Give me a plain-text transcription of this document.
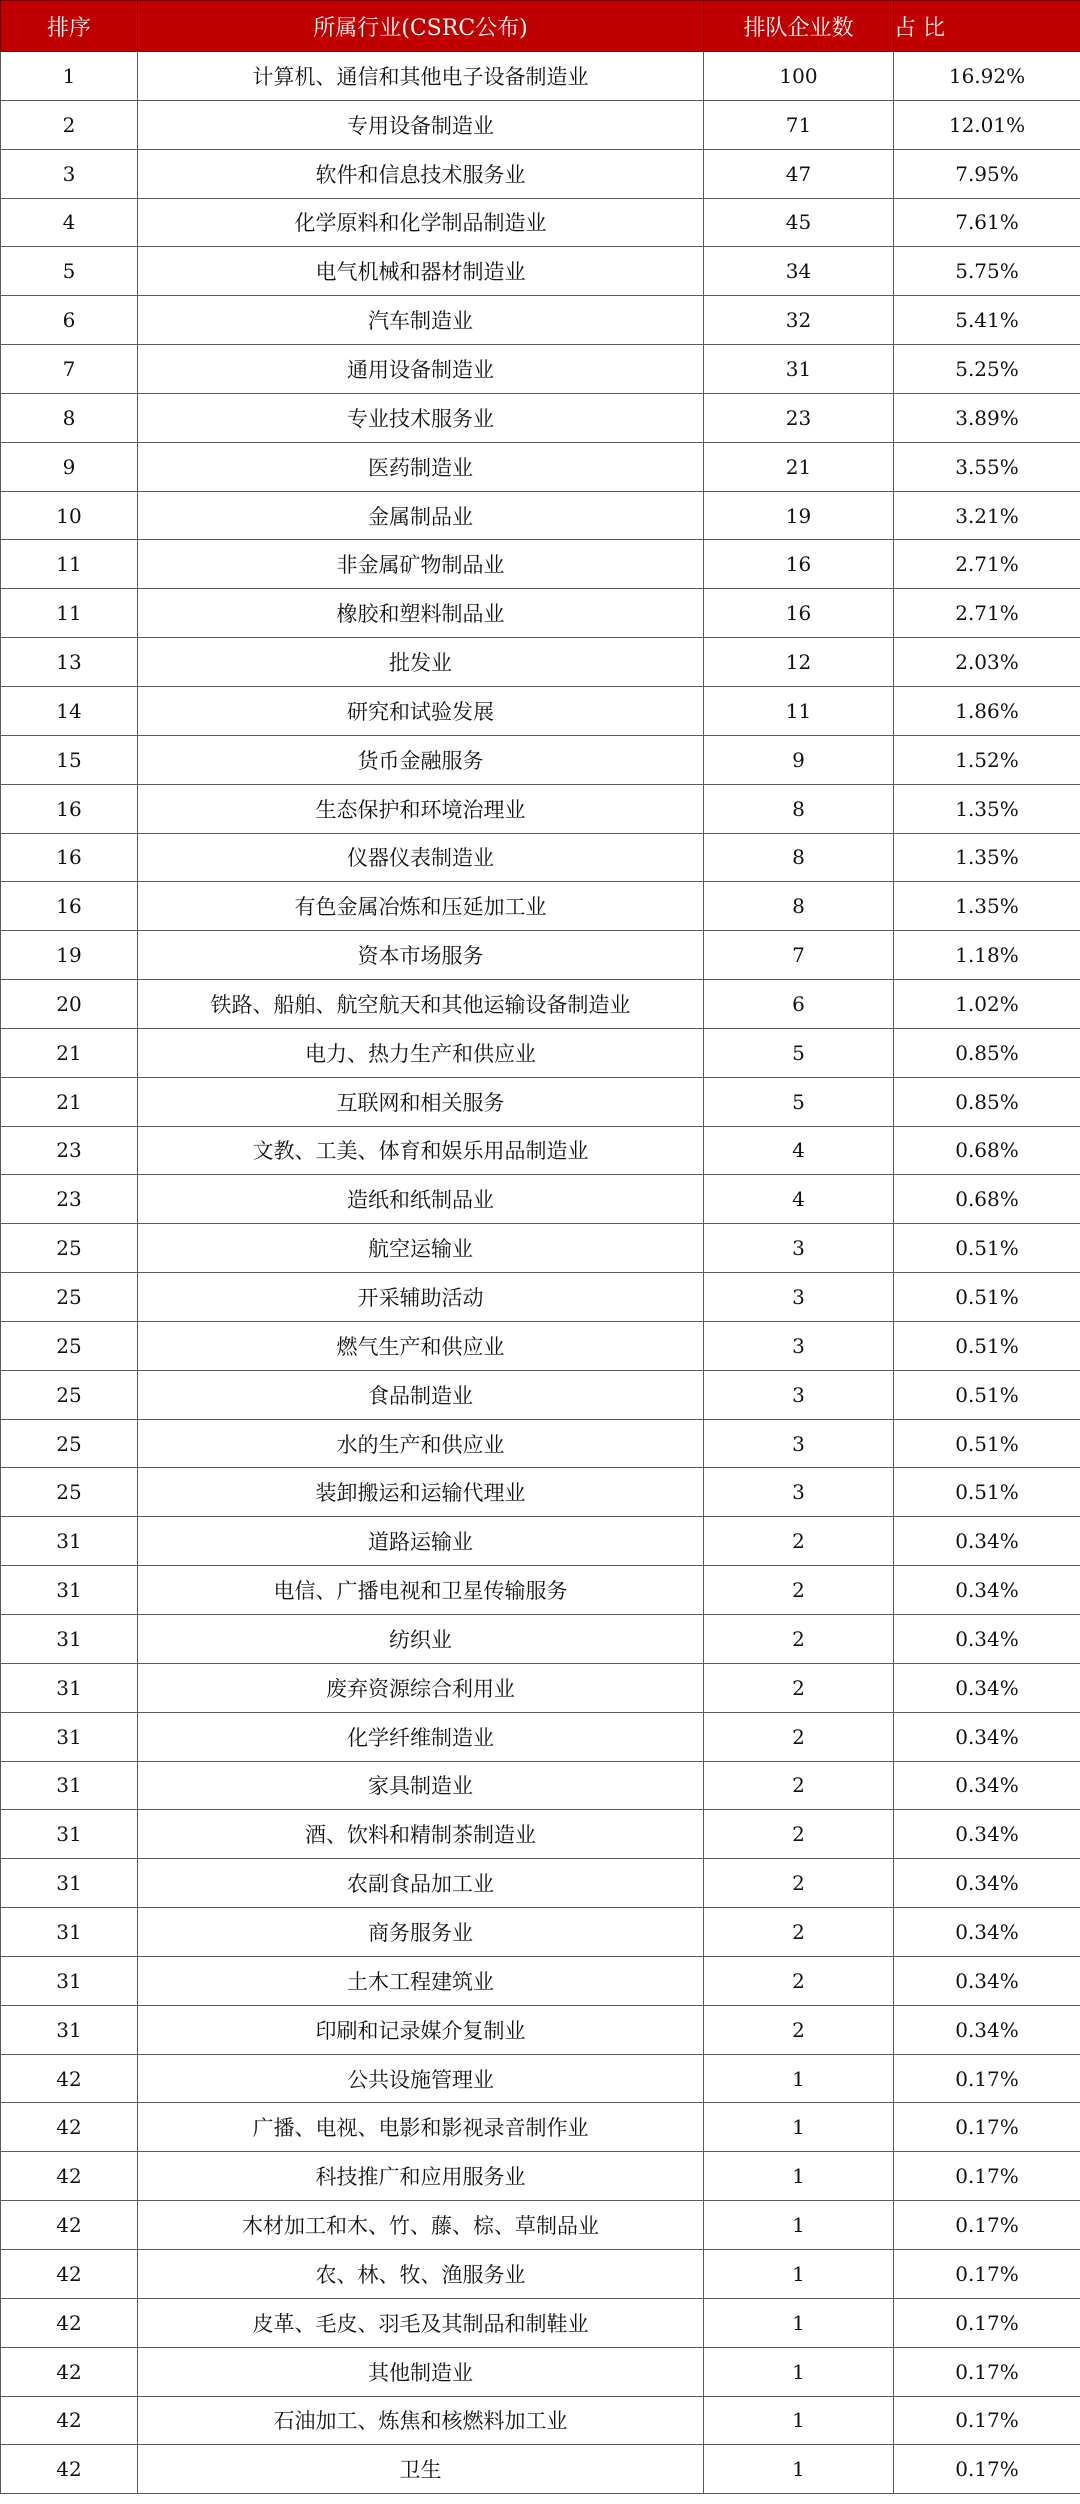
排序	所属行业(CSRC公布)	排队企业数	占 比
1	计算机、通信和其他电子设备制造业	100	16.92%
2	专用设备制造业	71	12.01%
3	软件和信息技术服务业	47	7.95%
4	化学原料和化学制品制造业	45	7.61%
5	电气机械和器材制造业	34	5.75%
6	汽车制造业	32	5.41%
7	通用设备制造业	31	5.25%
8	专业技术服务业	23	3.89%
9	医药制造业	21	3.55%
10	金属制品业	19	3.21%
11	非金属矿物制品业	16	2.71%
11	橡胶和塑料制品业	16	2.71%
13	批发业	12	2.03%
14	研究和试验发展	11	1.86%
15	货币金融服务	9	1.52%
16	生态保护和环境治理业	8	1.35%
16	仪器仪表制造业	8	1.35%
16	有色金属冶炼和压延加工业	8	1.35%
19	资本市场服务	7	1.18%
20	铁路、船舶、航空航天和其他运输设备制造业	6	1.02%
21	电力、热力生产和供应业	5	0.85%
21	互联网和相关服务	5	0.85%
23	文教、工美、体育和娱乐用品制造业	4	0.68%
23	造纸和纸制品业	4	0.68%
25	航空运输业	3	0.51%
25	开采辅助活动	3	0.51%
25	燃气生产和供应业	3	0.51%
25	食品制造业	3	0.51%
25	水的生产和供应业	3	0.51%
25	装卸搬运和运输代理业	3	0.51%
31	道路运输业	2	0.34%
31	电信、广播电视和卫星传输服务	2	0.34%
31	纺织业	2	0.34%
31	废弃资源综合利用业	2	0.34%
31	化学纤维制造业	2	0.34%
31	家具制造业	2	0.34%
31	酒、饮料和精制茶制造业	2	0.34%
31	农副食品加工业	2	0.34%
31	商务服务业	2	0.34%
31	土木工程建筑业	2	0.34%
31	印刷和记录媒介复制业	2	0.34%
42	公共设施管理业	1	0.17%
42	广播、电视、电影和影视录音制作业	1	0.17%
42	科技推广和应用服务业	1	0.17%
42	木材加工和木、竹、藤、棕、草制品业	1	0.17%
42	农、林、牧、渔服务业	1	0.17%
42	皮革、毛皮、羽毛及其制品和制鞋业	1	0.17%
42	其他制造业	1	0.17%
42	石油加工、炼焦和核燃料加工业	1	0.17%
42	卫生	1	0.17%
